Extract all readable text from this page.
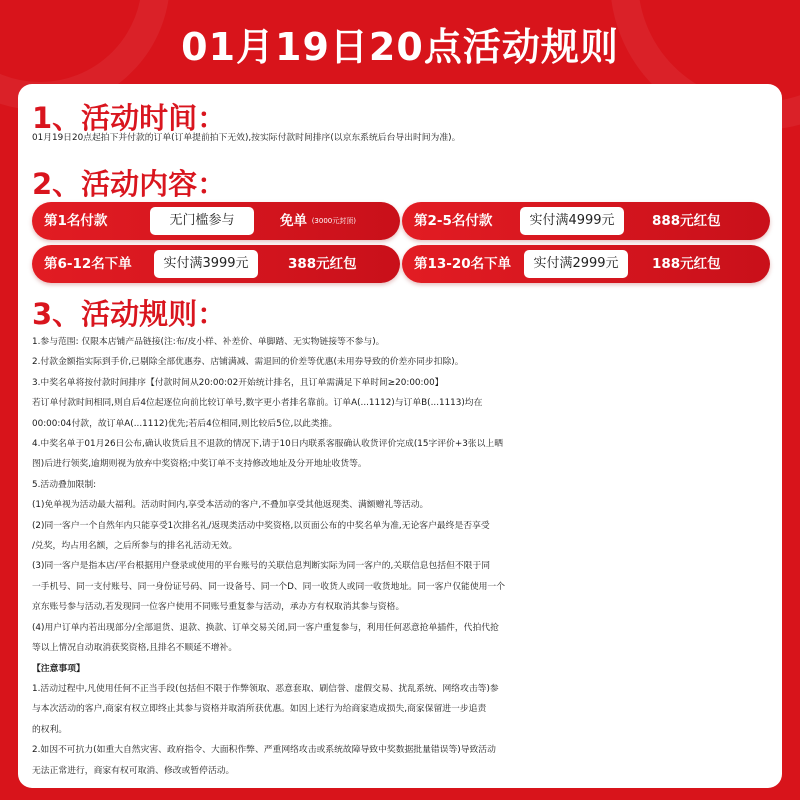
01月19日20点活动规则
1、活动时间：
01月19日20点起拍下并付款的订单(订单提前拍下无效),按实际付款时间排序(以京东系统后台导出时间为准)。
2、活动内容：
第1名付款	无门槛参与	免单 (3000元封顶)	第2-5名付款	实付满4999元	888元红包
第6-12名下单	实付满3999元	388元红包	第13-20名下单	实付满2999元	188元红包
3、活动规则：
1.参与范围: 仅限本店铺产品链接(注:布/皮小样、补差价、单脚踏、无实物链接等不参与)。
2.付款金额指实际到手价,已剔除全部优惠券、店铺满减、需退回的价差等优惠(未用券导致的价差亦同步扣除)。
3.中奖名单将按付款时间排序【付款时间从20:00:02开始统计排名，且订单需满足下单时间≥20:00:00】
若订单付款时间相同,则自后4位起逐位向前比较订单号,数字更小者排名靠前。订单A(...1112)与订单B(...1113)均在
00:00:04付款，故订单A(...1112)优先;若后4位相同,则比较后5位,以此类推。
4.中奖名单于01月26日公布,确认收货后且不退款的情况下,请于10日内联系客服确认收货评价完成(15字评价+3张以上晒
图)后进行领奖,逾期则视为放弃中奖资格;中奖订单不支持修改地址及分开地址收货等。
5.活动叠加限制:
(1)免单视为活动最大福利。活动时间内,享受本活动的客户,不叠加享受其他返现类、满额赠礼等活动。
(2)同一客户一个自然年内只能享受1次排名礼/返现类活动中奖资格,以页面公布的中奖名单为准,无论客户最终是否享受
/兑奖，均占用名额，之后所参与的排名礼活动无效。
(3)同一客户是指本店/平台根据用户登录或使用的平台账号的关联信息判断实际为同一客户的,关联信息包括但不限于同
一手机号、同一支付账号、同一身份证号码、同一设备号、同一个D、同一收货人或同一收货地址。同一客户仅能使用一个
京东账号参与活动,若发现同一位客户使用不同账号重复参与活动，承办方有权取消其参与资格。
(4)用户订单内若出现部分/全部退货、退款、换款、订单交易关闭,同一客户重复参与，利用任何恶意抢单插件，代拍代抢
等以上情况自动取消获奖资格,且排名不顺延不增补。
【注意事项】
1.活动过程中,凡使用任何不正当手段(包括但不限于作弊领取、恶意套取、刷信誉、虚假交易、扰乱系统、网络攻击等)参
与本次活动的客户,商家有权立即终止其参与资格并取消所获优惠。如因上述行为给商家造成损失,商家保留进一步追责
的权利。
2.如因不可抗力(如重大自然灾害、政府指令、大面积作弊、严重网络攻击或系统故障导致中奖数据批量错误等)导致活动
无法正常进行，商家有权可取消、修改或暂停活动。
